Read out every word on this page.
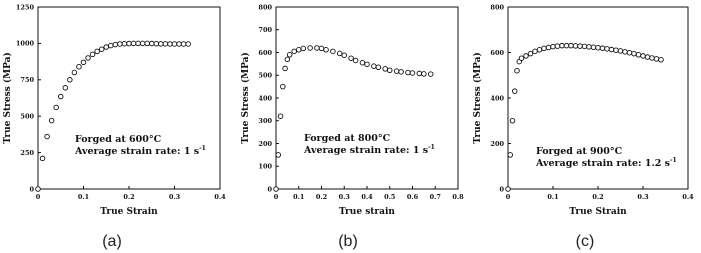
0	0.1	0.2	0.3	0.4
0
250
500
750
1000
1250
True Strain
True Stress (MPa)	Forged at 600°C
Average strain rate: 1 $s^{-1}$
(a)
0 0.1 0.2 0.3 0.4 0.5 0.6 0.7 0.8
0
100
200
300
400
500
600
700
800
True strain
True Stress (MPa)	Forged at 800°C
Average strain rate: 1 $s^{-1}$
(b)
0	0.1	0.2	0.3	0.4
0
200
400
600
800
True Strain
True Stress (MPa)
Forged at 900°C
Average strain rate: 1.2 $s^{-1}$
(c)
